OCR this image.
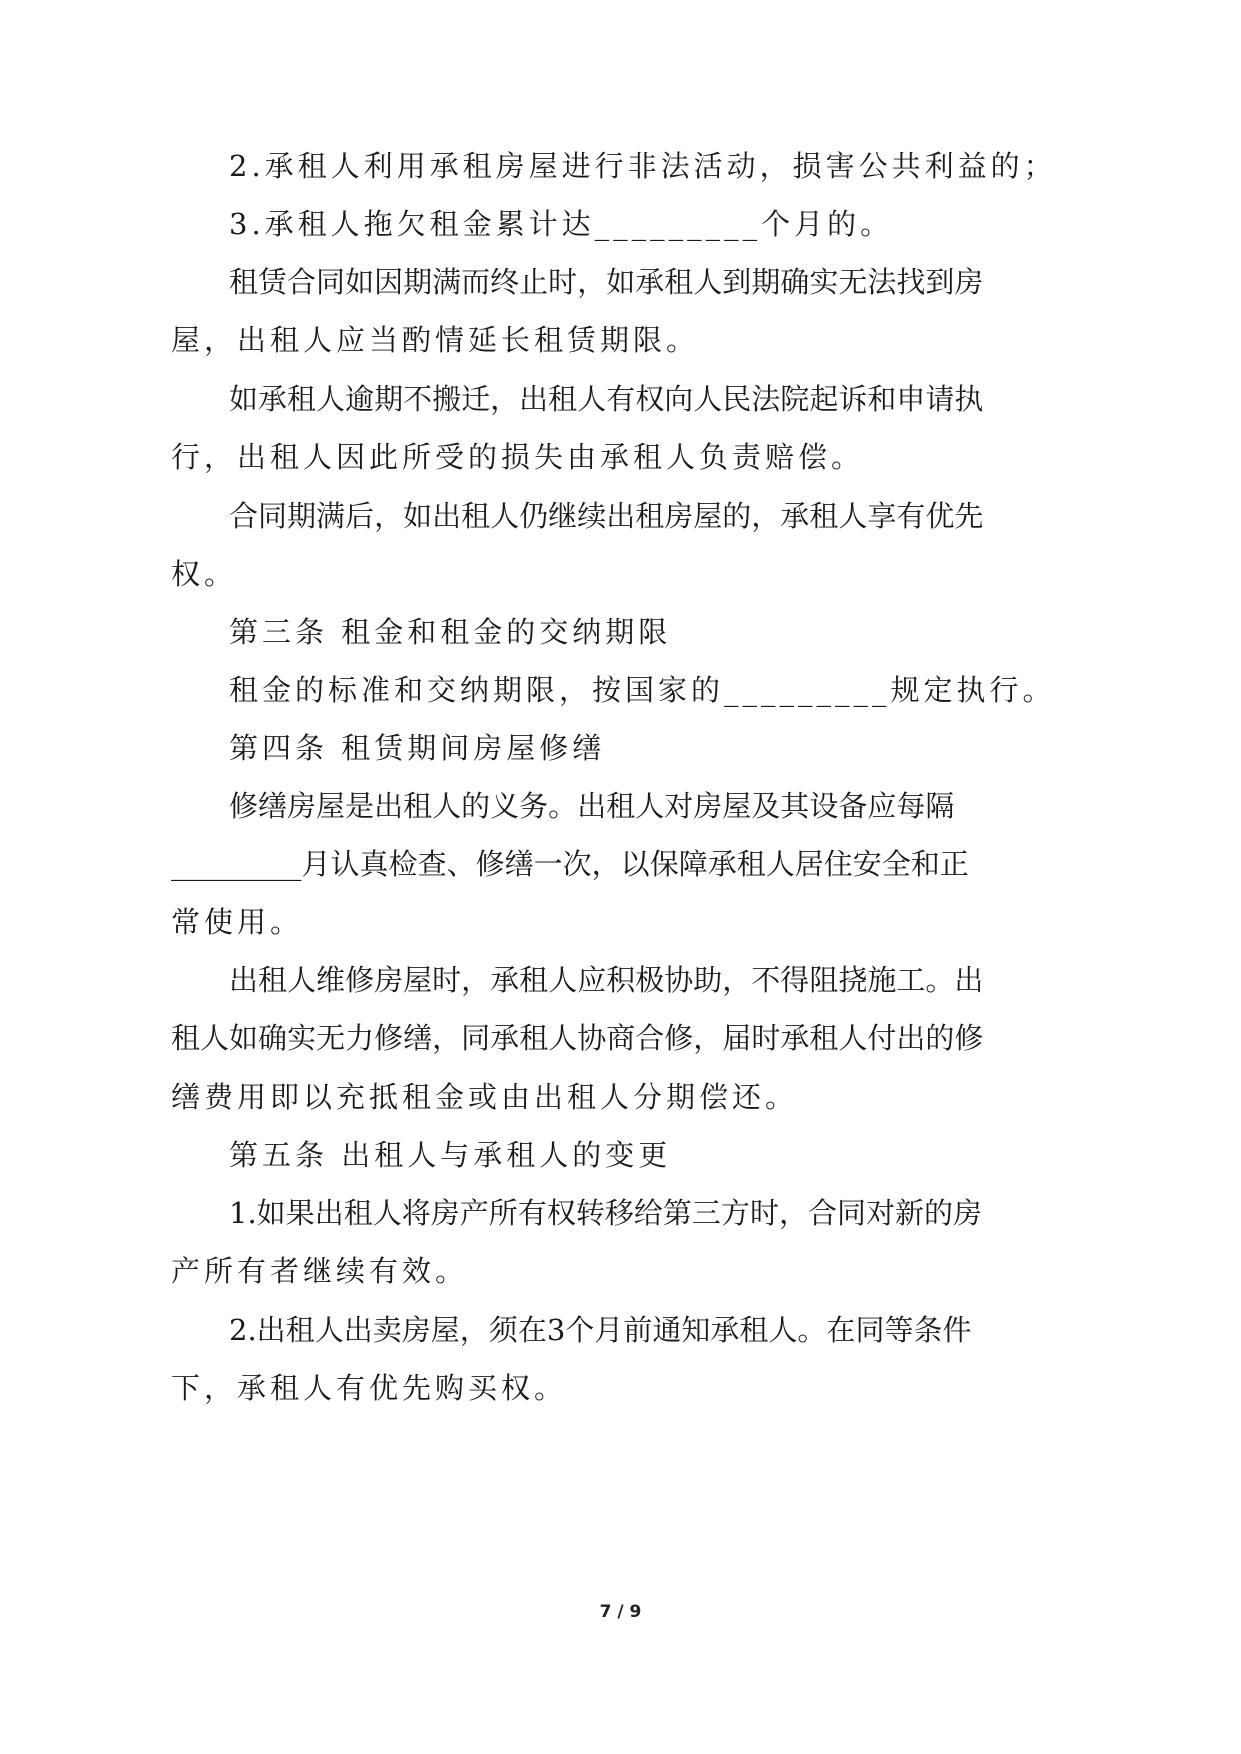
2.承租人利用承租房屋进行非法活动，损害公共利益的；
3.承租人拖欠租金累计达_________个月的。
租 赁 合 同 如 因 期 满 而 终 止 时 ， 如 承 租 人 到 期 确 实 无 法 找 到 房
屋，出租人应当酌情延长租赁期限。
如 承 租 人 逾 期 不 搬 迁 ， 出 租 人 有 权 向 人 民 法 院 起 诉 和 申 请 执
行，出租人因此所受的损失由承租人负责赔偿。
合 同 期 满 后 ， 如 出 租 人 仍 继 续 出 租 房 屋 的 ， 承 租 人 享 有 优 先
权。
第三条 租金和租金的交纳期限
租金的标准和交纳期限，按国家的_________规定执行。
第四条 租赁期间房屋修缮
修 缮 房 屋 是 出 租 人 的 义 务 。 出 租 人 对 房 屋 及 其 设 备 应 每 隔
_________ 月 认 真 检 查 、 修 缮 一 次 ， 以 保 障 承 租 人 居 住 安 全 和 正
常使用。
出 租 人 维 修 房 屋 时 ， 承 租 人 应 积 极 协 助 ， 不 得 阻 挠 施 工 。 出
租 人 如 确 实 无 力 修 缮 ， 同 承 租 人 协 商 合 修 ， 届 时 承 租 人 付 出 的 修
缮费用即以充抵租金或由出租人分期偿还。
第五条 出租人与承租人的变更
1. 如 果 出 租 人 将 房 产 所 有 权 转 移 给 第 三 方 时 ， 合 同 对 新 的 房
产所有者继续有效。
2. 出 租 人 出 卖 房 屋 ， 须 在 3 个 月 前 通 知 承 租 人 。 在 同 等 条 件
下，承租人有优先购买权。
7 / 9
